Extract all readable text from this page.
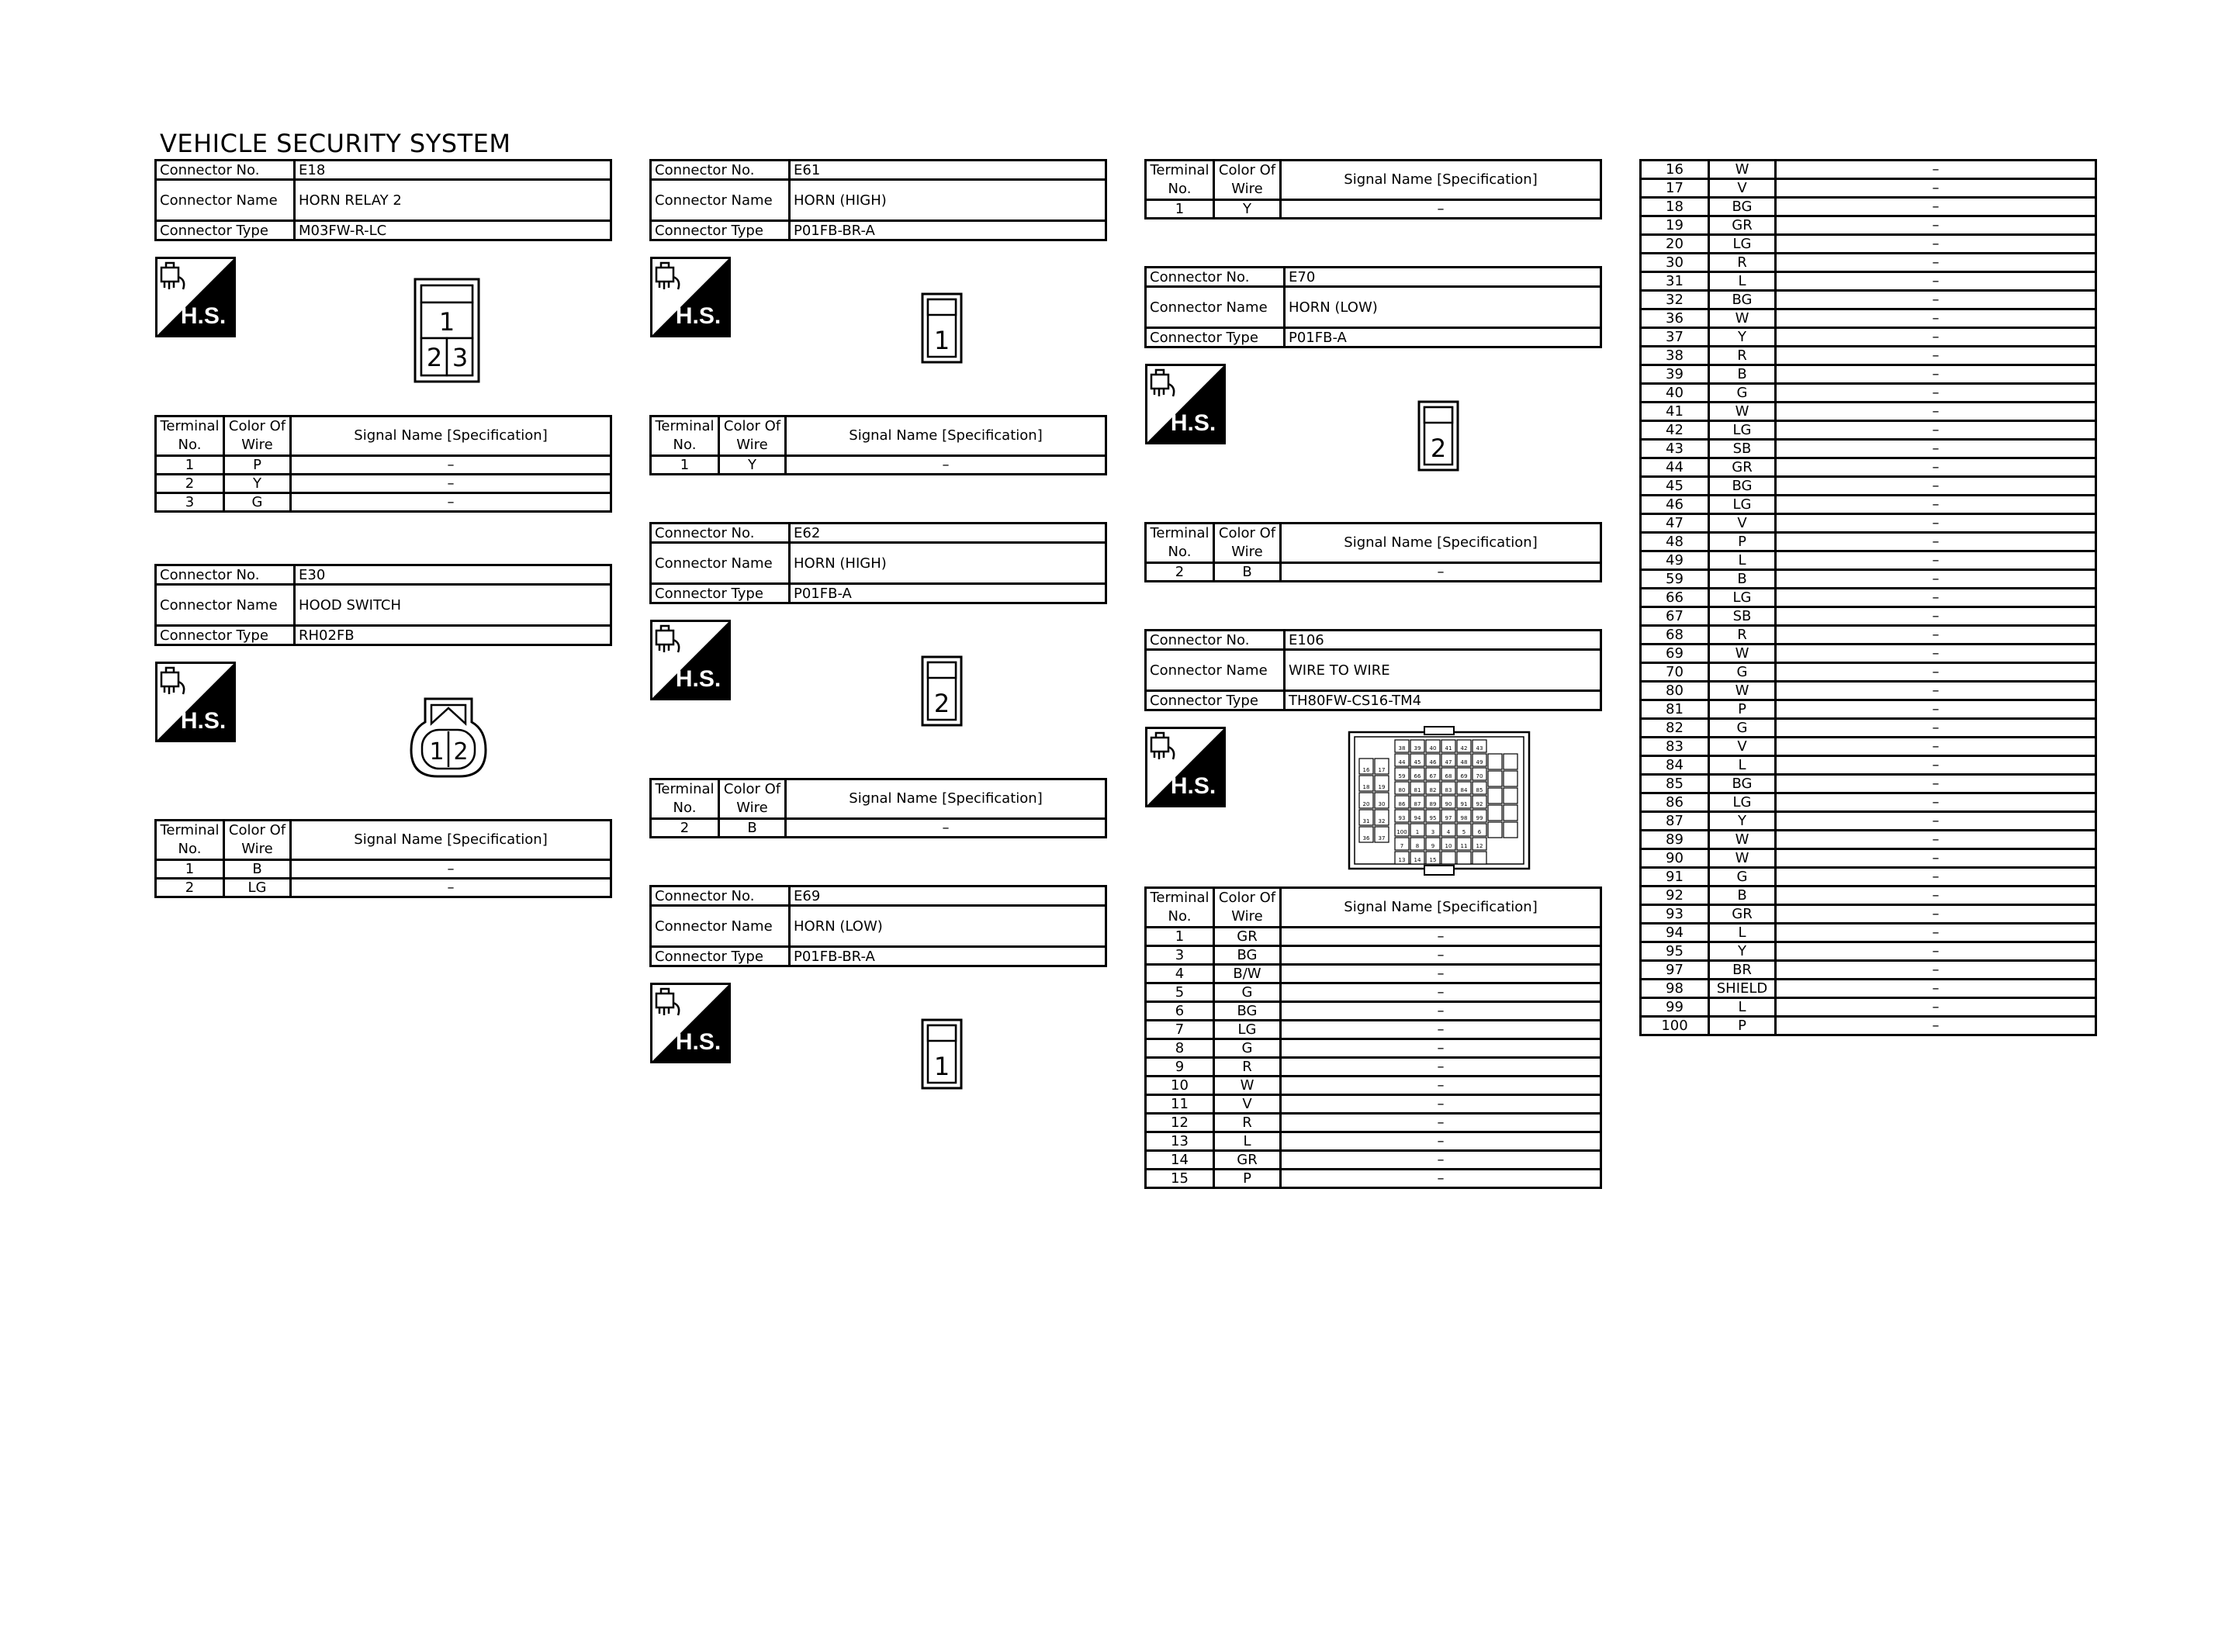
VEHICLE SECURITY SYSTEM
Connector No.	E18
Connector Name	HORN RELAY 2
Connector Type	M03FW-R-LC
H.S.	1
2 3
Terminal No.	Color Of Wire	Signal Name [Specification]
1	P	–
2	Y	–
3	G	–
Connector No.	E30
Connector Name	HOOD SWITCH
Connector Type	RH02FB
H.S.
1 2
Terminal No.	Color Of Wire	Signal Name [Specification]
1	B	–
2	LG	–
Connector No.	E61
Connector Name	HORN (HIGH)
Connector Type	P01FB-BR-A
H.S.
1
Terminal No.	Color Of Wire	Signal Name [Specification]
1	Y	–
Connector No.	E62
Connector Name	HORN (HIGH)
Connector Type	P01FB-A
H.S.
2
Terminal No.	Color Of Wire	Signal Name [Specification]
2	B	–
Connector No.	E69
Connector Name	HORN (LOW)
Connector Type	P01FB-BR-A
H.S.
1
Terminal No.	Color Of Wire	Signal Name [Specification]
1	Y	–
Connector No.	E70
Connector Name	HORN (LOW)
Connector Type	P01FB-A
H.S.
2
Terminal No.	Color Of Wire	Signal Name [Specification]
2	B	–
Connector No.	E106
Connector Name	WIRE TO WIRE
Connector Type	TH80FW-CS16-TM4
H.S.
16 17
18 19
20 30
31 32
36 37
38 39 40 41 42 43
44 45 46 47 48 49
59 66 67 68 69 70
80 81 82 83 84 85
86 87 89 90 91 92
93 94 95 97 98 99
100 1 3 4 5 6
7 8 9 10 11 12
13 14 15
Terminal No.	Color Of Wire	Signal Name [Specification]
1	GR	–
3	BG	–
4	B/W	–
5	G	–
6	BG	–
7	LG	–
8	G	–
9	R	–
10	W	–
11	V	–
12	R	–
13	L	–
14	GR	–
15	P	–
16	W	–
17	V	–
18	BG	–
19	GR	–
20	LG	–
30	R	–
31	L	–
32	BG	–
36	W	–
37	Y	–
38	R	–
39	B	–
40	G	–
41	W	–
42	LG	–
43	SB	–
44	GR	–
45	BG	–
46	LG	–
47	V	–
48	P	–
49	L	–
59	B	–
66	LG	–
67	SB	–
68	R	–
69	W	–
70	G	–
80	W	–
81	P	–
82	G	–
83	V	–
84	L	–
85	BG	–
86	LG	–
87	Y	–
89	W	–
90	W	–
91	G	–
92	B	–
93	GR	–
94	L	–
95	Y	–
97	BR	–
98	SHIELD	–
99	L	–
100	P	–
